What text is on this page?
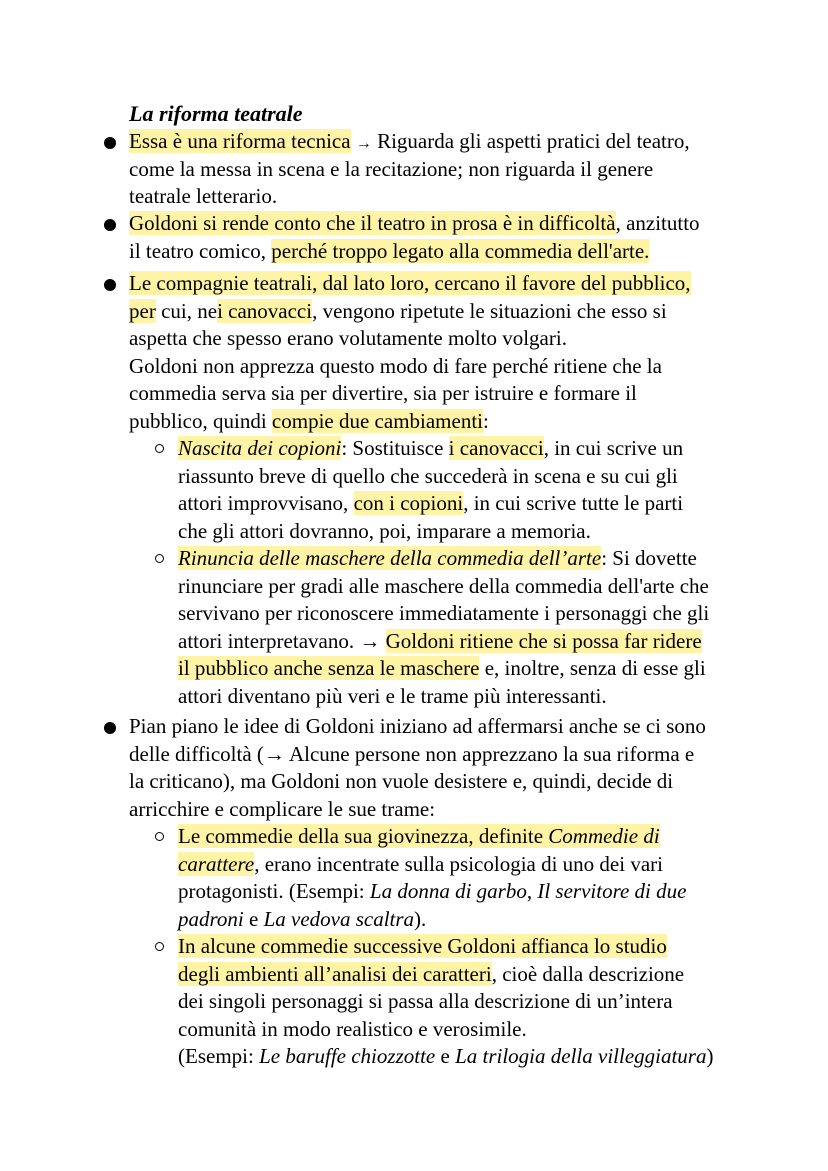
La riforma teatrale
Essa è una riforma tecnica → Riguarda gli aspetti pratici del teatro,
come la messa in scena e la recitazione; non riguarda il genere
teatrale letterario.
Goldoni si rende conto che il teatro in prosa è in difficoltà, anzitutto
il teatro comico, perché troppo legato alla commedia dell'arte.
Le compagnie teatrali, dal lato loro, cercano il favore del pubblico,
per cui, nei canovacci, vengono ripetute le situazioni che esso si
aspetta che spesso erano volutamente molto volgari.
Goldoni non apprezza questo modo di fare perché ritiene che la
commedia serva sia per divertire, sia per istruire e formare il
pubblico, quindi compie due cambiamenti:
Nascita dei copioni: Sostituisce i canovacci, in cui scrive un
riassunto breve di quello che succederà in scena e su cui gli
attori improvvisano, con i copioni, in cui scrive tutte le parti
che gli attori dovranno, poi, imparare a memoria.
Rinuncia delle maschere della commedia dell’arte: Si dovette
rinunciare per gradi alle maschere della commedia dell'arte che
servivano per riconoscere immediatamente i personaggi che gli
attori interpretavano. → Goldoni ritiene che si possa far ridere
il pubblico anche senza le maschere e, inoltre, senza di esse gli
attori diventano più veri e le trame più interessanti.
Pian piano le idee di Goldoni iniziano ad affermarsi anche se ci sono
delle difficoltà (→ Alcune persone non apprezzano la sua riforma e
la criticano), ma Goldoni non vuole desistere e, quindi, decide di
arricchire e complicare le sue trame:
Le commedie della sua giovinezza, definite Commedie di
carattere, erano incentrate sulla psicologia di uno dei vari
protagonisti. (Esempi: La donna di garbo, Il servitore di due
padroni e La vedova scaltra).
In alcune commedie successive Goldoni affianca lo studio
degli ambienti all’analisi dei caratteri, cioè dalla descrizione
dei singoli personaggi si passa alla descrizione di un’intera
comunità in modo realistico e verosimile.
(Esempi: Le baruffe chiozzotte e La trilogia della villeggiatura)
